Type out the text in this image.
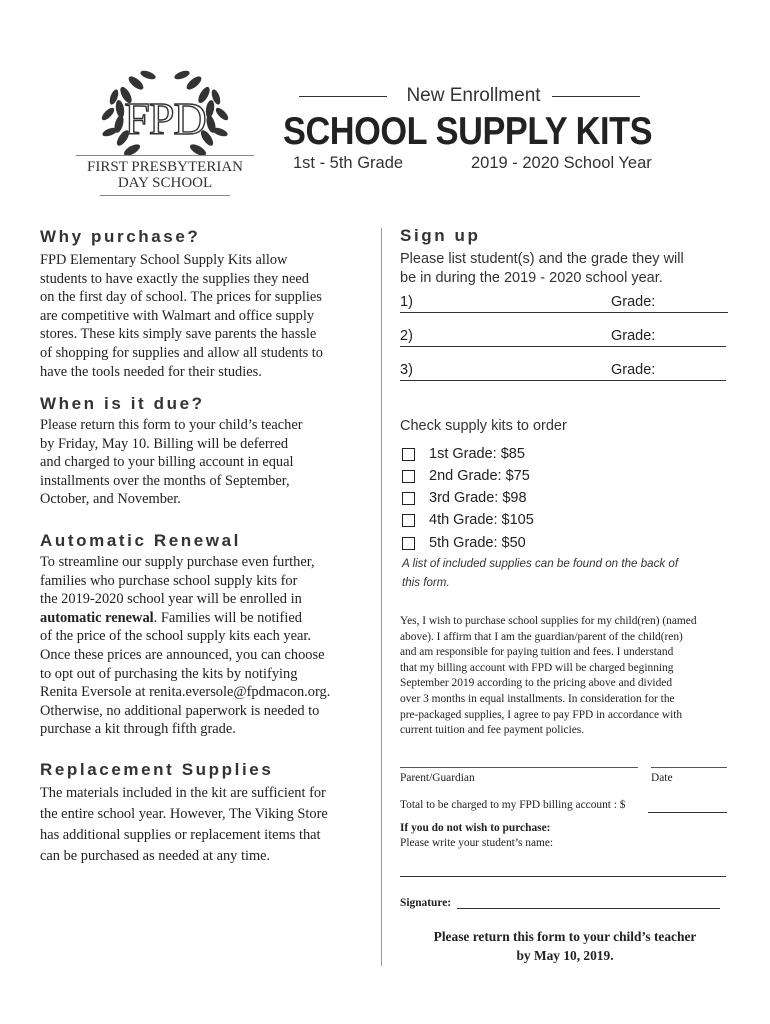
FPD
FIRST PRESBYTERIAN
DAY SCHOOL
New Enrollment
SCHOOL SUPPLY KITS
1st - 5th Grade	2019 - 2020 School Year
Why purchase?
FPD Elementary School Supply Kits allow
students to have exactly the supplies they need
on the first day of school. The prices for supplies
are competitive with Walmart and office supply
stores. These kits simply save parents the hassle
of shopping for supplies and allow all students to
have the tools needed for their studies.
When is it due?
Please return this form to your child’s teacher
by Friday, May 10. Billing will be deferred
and charged to your billing account in equal
installments over the months of September,
October, and November.
Automatic Renewal
To streamline our supply purchase even further,
families who purchase school supply kits for
the 2019-2020 school year will be enrolled in
automatic renewal. Families will be notified
of the price of the school supply kits each year.
Once these prices are announced, you can choose
to opt out of purchasing the kits by notifying
Renita Eversole at renita.eversole@fpdmacon.org.
Otherwise, no additional paperwork is needed to
purchase a kit through fifth grade.
Replacement Supplies
The materials included in the kit are sufficient for
the entire school year. However, The Viking Store
has additional supplies or replacement items that
can be purchased as needed at any time.
Sign up
Please list student(s) and the grade they will
be in during the 2019 - 2020 school year.
1)	Grade:
2)	Grade:
3)	Grade:
Check supply kits to order
1st Grade: $85
2nd Grade: $75
3rd Grade: $98
4th Grade: $105
5th Grade: $50
A list of included supplies can be found on the back of
this form.
Yes, I wish to purchase school supplies for my child(ren) (named
above). I affirm that I am the guardian/parent of the child(ren)
and am responsible for paying tuition and fees. I understand
that my billing account with FPD will be charged beginning
September 2019 according to the pricing above and divided
over 3 months in equal installments. In consideration for the
pre-packaged supplies, I agree to pay FPD in accordance with
current tuition and fee payment policies.
Parent/Guardian	Date
Total to be charged to my FPD billing account : $
If you do not wish to purchase:
Please write your student’s name:
Signature:
Please return this form to your child’s teacher
by May 10, 2019.
